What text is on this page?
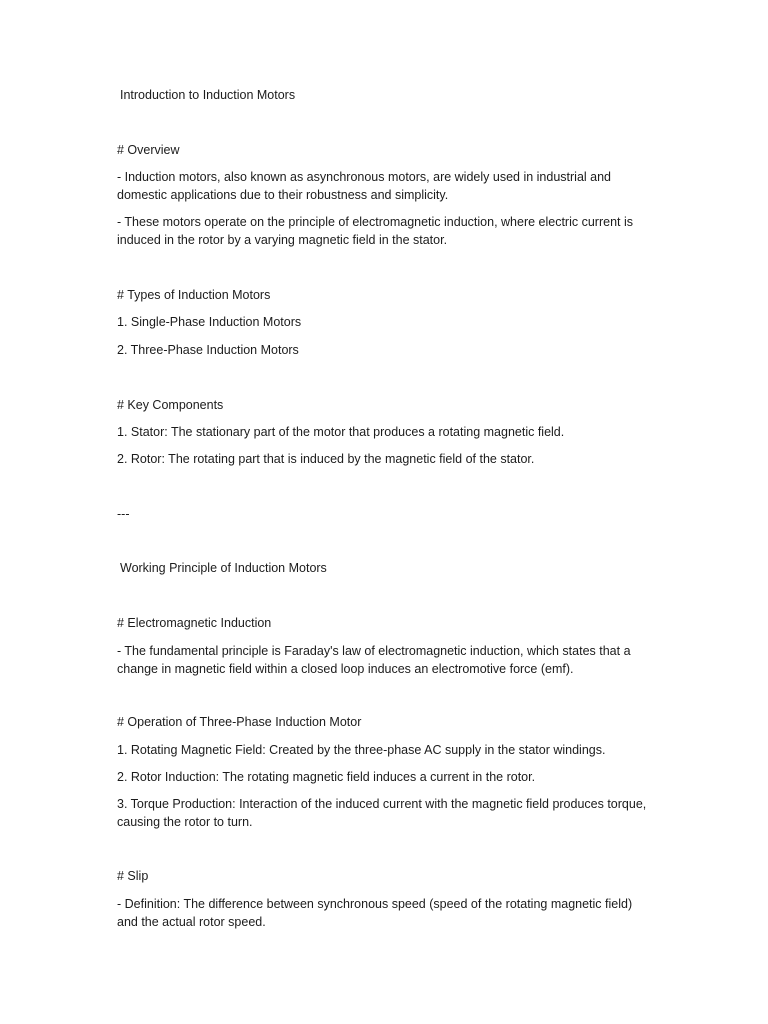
Introduction to Induction Motors
# Overview
- Induction motors, also known as asynchronous motors, are widely used in industrial and domestic applications due to their robustness and simplicity.
- These motors operate on the principle of electromagnetic induction, where electric current is induced in the rotor by a varying magnetic field in the stator.
# Types of Induction Motors
1. Single-Phase Induction Motors
2. Three-Phase Induction Motors
# Key Components
1. Stator: The stationary part of the motor that produces a rotating magnetic field.
2. Rotor: The rotating part that is induced by the magnetic field of the stator.
---
Working Principle of Induction Motors
# Electromagnetic Induction
- The fundamental principle is Faraday's law of electromagnetic induction, which states that a change in magnetic field within a closed loop induces an electromotive force (emf).
# Operation of Three-Phase Induction Motor
1. Rotating Magnetic Field: Created by the three-phase AC supply in the stator windings.
2. Rotor Induction: The rotating magnetic field induces a current in the rotor.
3. Torque Production: Interaction of the induced current with the magnetic field produces torque, causing the rotor to turn.
# Slip
- Definition: The difference between synchronous speed (speed of the rotating magnetic field) and the actual rotor speed.
